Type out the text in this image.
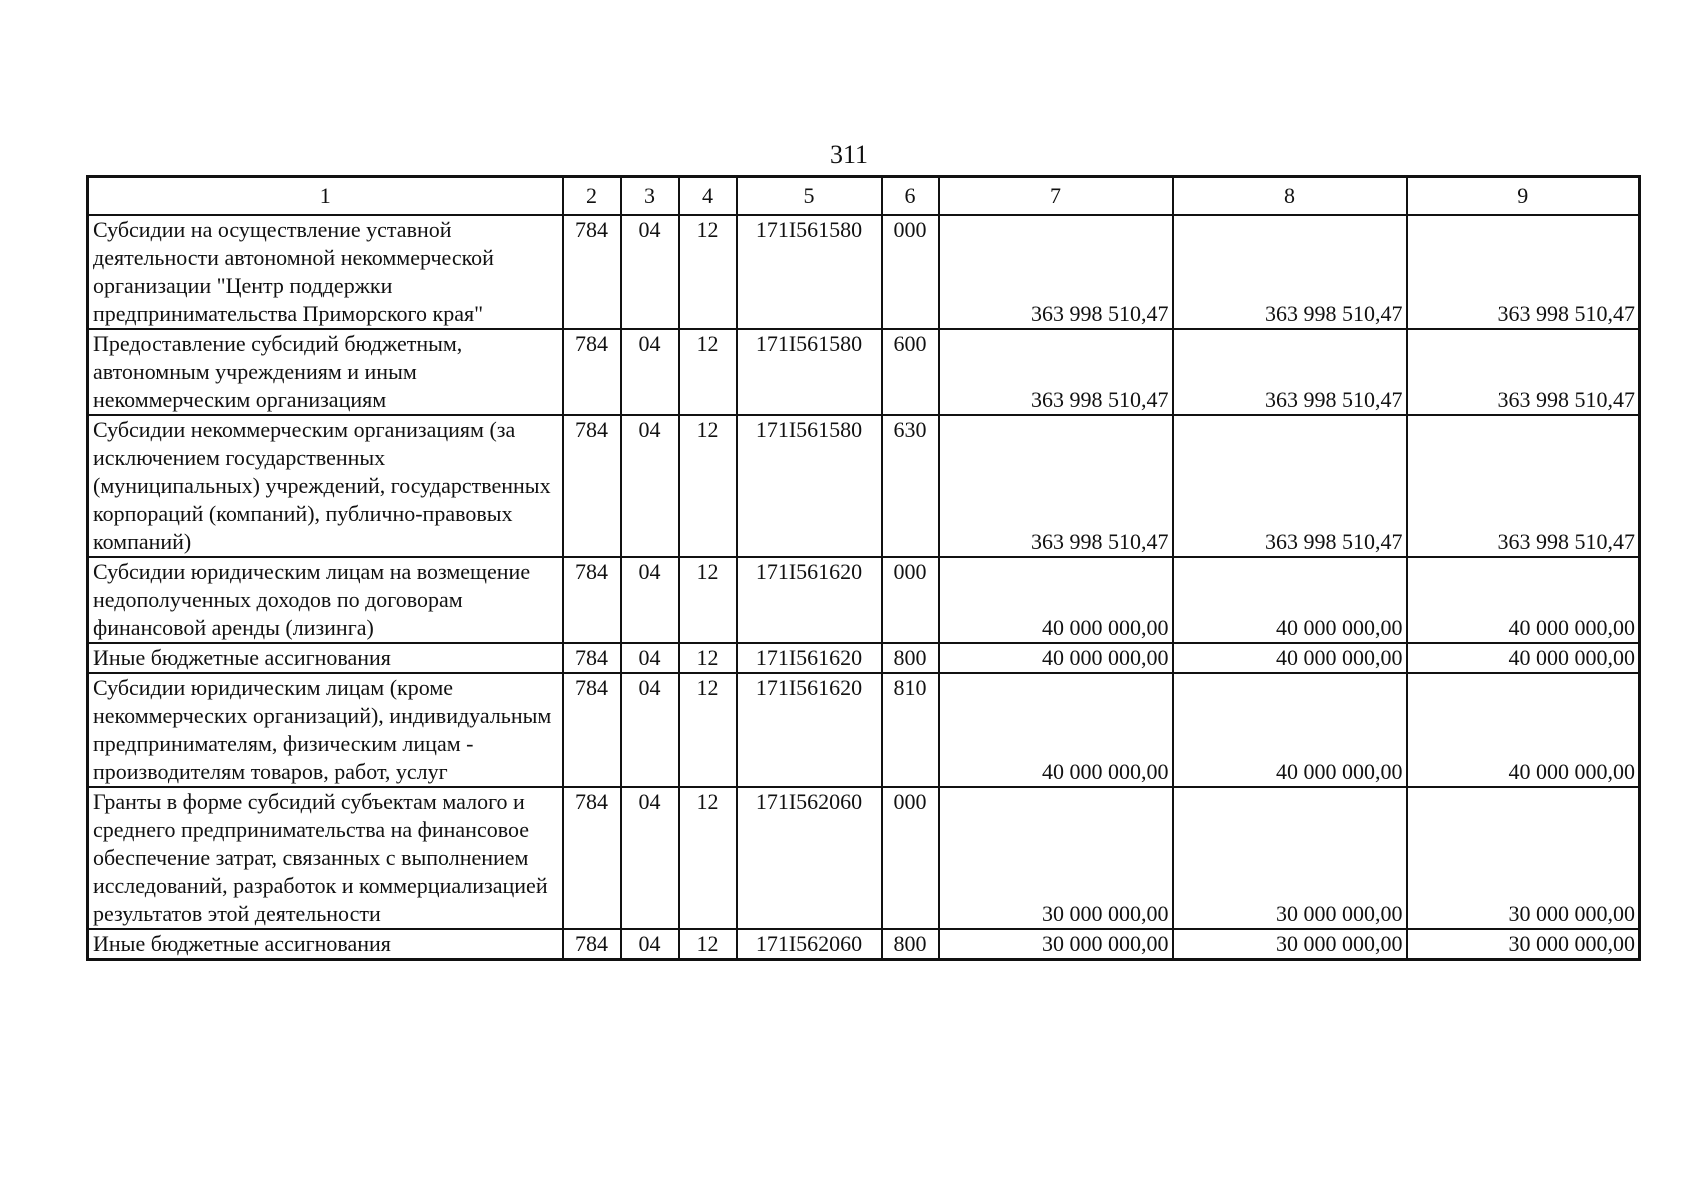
311
1	2	3	4	5	6	7	8	9
Субсидии на осуществление уставной деятельности автономной некоммерческой организации "Центр поддержки предпринимательства Приморского края"	784	04	12	171I561580	000	363 998 510,47	363 998 510,47	363 998 510,47
Предоставление субсидий бюджетным, автономным учреждениям и иным некоммерческим организациям	784	04	12	171I561580	600	363 998 510,47	363 998 510,47	363 998 510,47
Субсидии некоммерческим организациям (за исключением государственных (муниципальных) учреждений, государственных корпораций (компаний), публично-правовых компаний)	784	04	12	171I561580	630	363 998 510,47	363 998 510,47	363 998 510,47
Субсидии юридическим лицам на возмещение недополученных доходов по договорам финансовой аренды (лизинга)	784	04	12	171I561620	000	40 000 000,00	40 000 000,00	40 000 000,00
Иные бюджетные ассигнования	784	04	12	171I561620	800	40 000 000,00	40 000 000,00	40 000 000,00
Субсидии юридическим лицам (кроме некоммерческих организаций), индивидуальным предпринимателям, физическим лицам - производителям товаров, работ, услуг	784	04	12	171I561620	810	40 000 000,00	40 000 000,00	40 000 000,00
Гранты в форме субсидий субъектам малого и среднего предпринимательства на финансовое обеспечение затрат, связанных с выполнением исследований, разработок и коммерциализацией результатов этой деятельности	784	04	12	171I562060	000	30 000 000,00	30 000 000,00	30 000 000,00
Иные бюджетные ассигнования	784	04	12	171I562060	800	30 000 000,00	30 000 000,00	30 000 000,00
